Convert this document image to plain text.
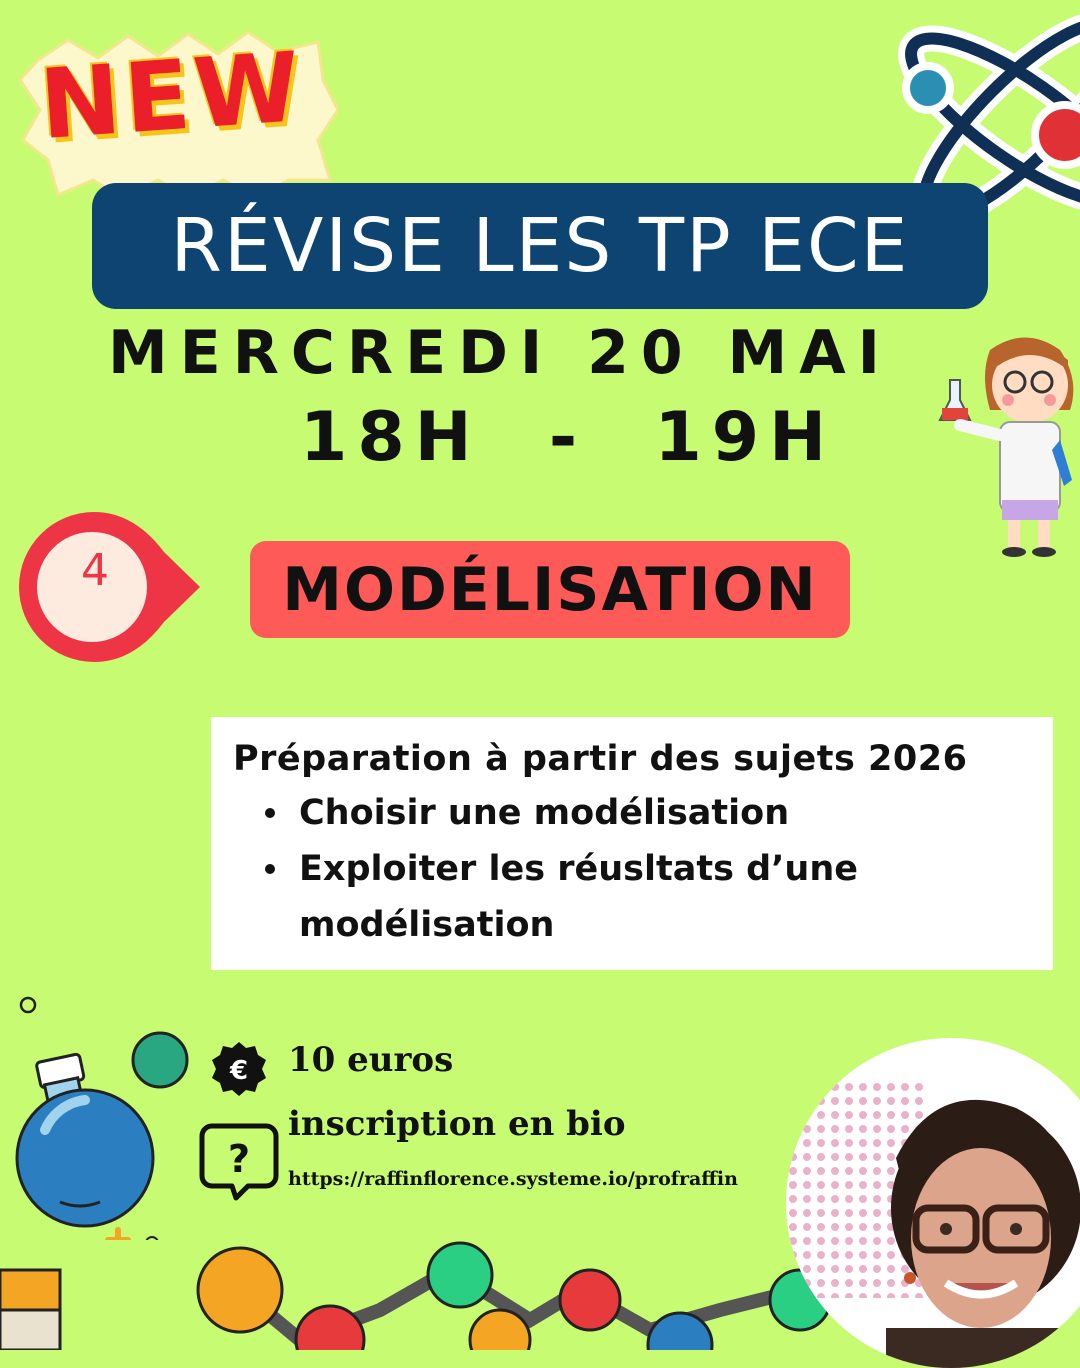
NEW
RÉVISE LES TP ECE
MERCREDI 20 MAI
18H  -  19H
4	MODÉLISATION
Préparation à partir des sujets 2026
Choisir une modélisation
Exploiter les réusltats d’une modélisation
€ 10 euros
?
inscription en bio
https://raffinflorence.systeme.io/profraffin
